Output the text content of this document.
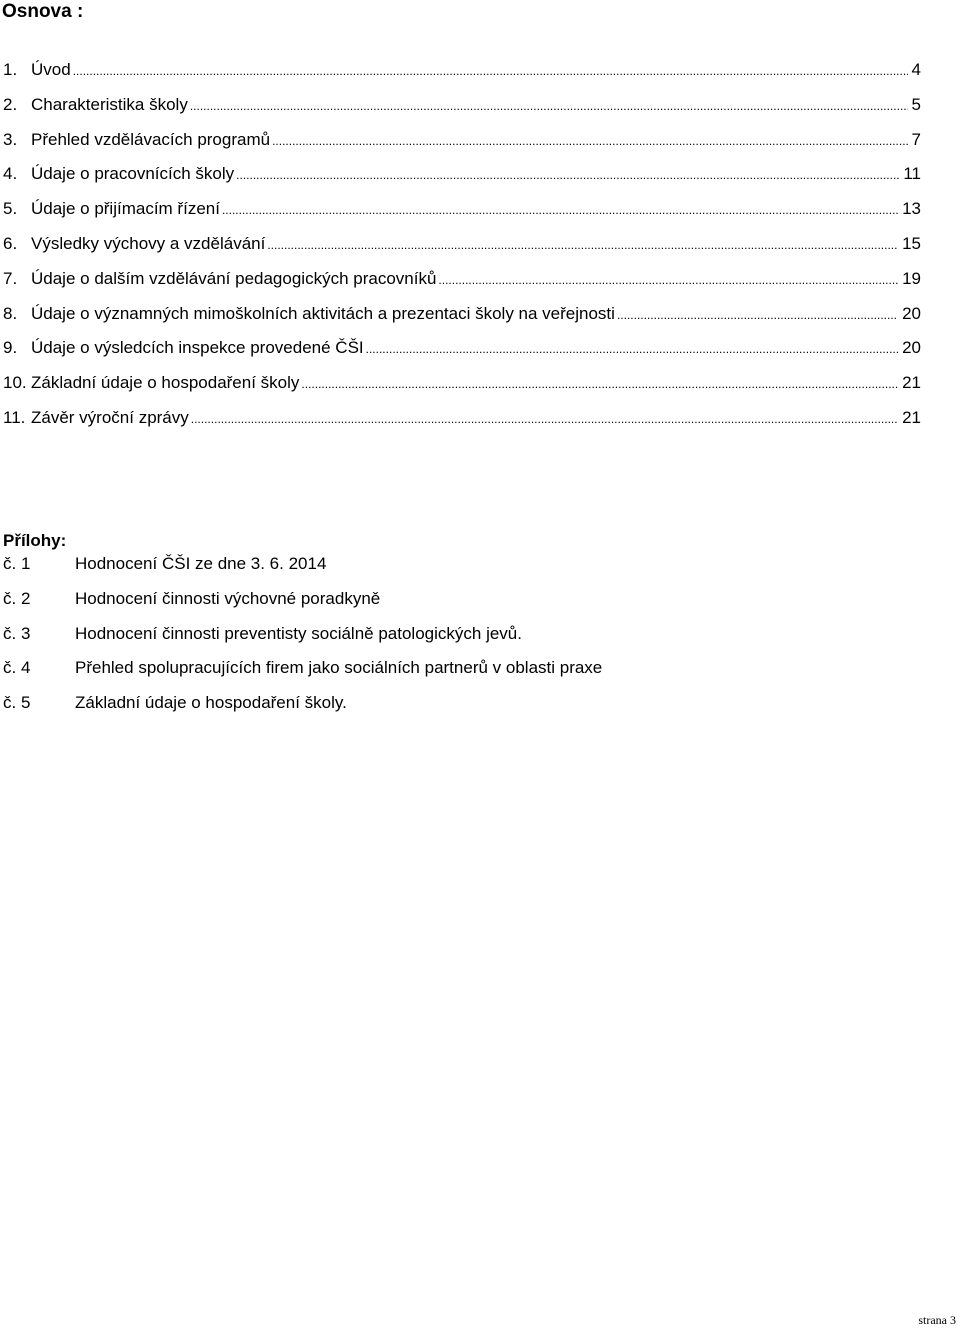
Osnova :
1. Úvod .....	4
2. Charakteristika školy .....	5
3. Přehled vzdělávacích programů .....	7
4. Údaje o pracovnících školy .....	11
5. Údaje o přijímacím řízení .....	13
6. Výsledky výchovy a vzdělávání .....	15
7. Údaje o dalším vzdělávání pedagogických pracovníků .....	19
8. Údaje o významných mimoškolních aktivitách a prezentaci školy na veřejnosti .....	20
9. Údaje o výsledcích inspekce provedené ČŠI .....	20
10. Základní údaje o hospodaření školy .....	21
11. Závěr výroční zprávy .....	21
Přílohy:
č. 1	Hodnocení ČŠI ze dne 3. 6. 2014
č. 2	Hodnocení činnosti výchovné poradkyně
č. 3	Hodnocení činnosti preventisty sociálně patologických jevů.
č. 4	Přehled spolupracujících firem jako sociálních partnerů v oblasti praxe
č. 5	Základní údaje o hospodaření školy.
strana 3
